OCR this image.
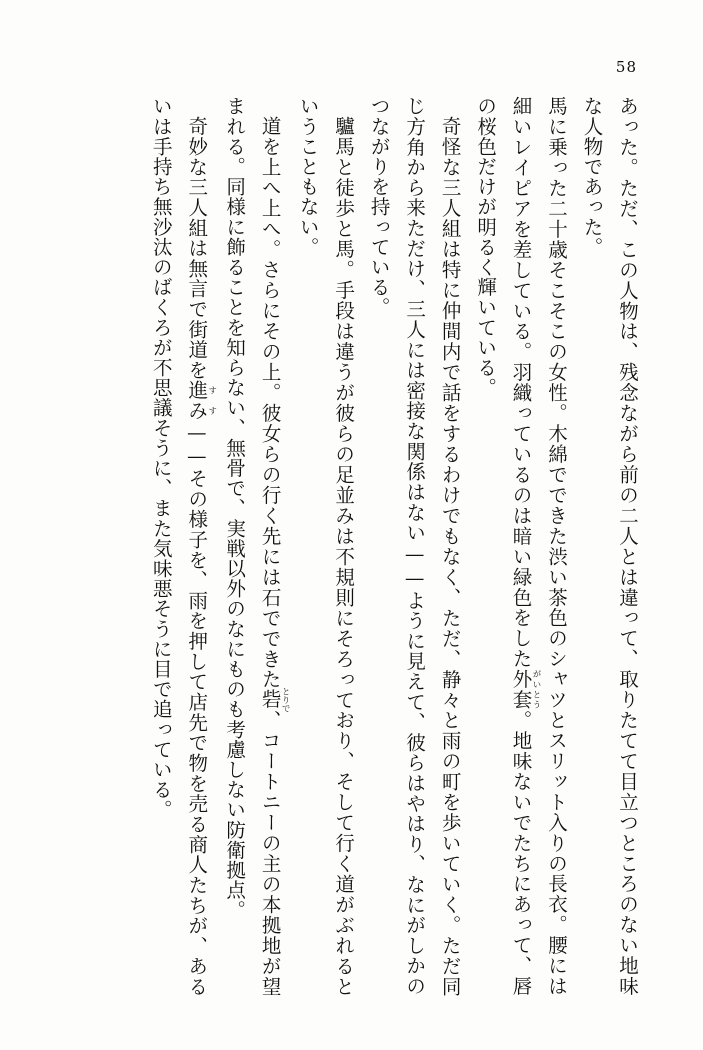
58

あった。ただ、この人物は、残念ながら前の二人とは違って、取りたてて目立つところのない地味な人物であった。

馬に乗った二十歳そこそこの女性。木綿でできた渋い茶色のシャツとスリット入りの長衣。腰には細いレイピアを差している。羽織っているのは暗い緑色をした外套がいとう。地味ないでたちにあって、唇の桜色だけが明るく輝いている。

奇怪な三人組は特に仲間内で話をするわけでもなく、ただ、静々と雨の町を歩いていく。ただ同じ方角から来ただけ、三人には密接な関係はない——ように見えて、彼らはやはり、なにがしかのつながりを持っている。

驢馬と徒歩と馬。手段は違うが彼らの足並みは不規則にそろっており、そして行く道がぶれるということもない。

道を上へ上へ。さらにその上。彼女らの行く先には石でできた砦とりで、コートニーの主の本拠地が望まれる。同様に飾ることを知らない、無骨で、実戦以外のなにものも考慮しない防衛拠点。

奇妙な三人組は無言で街道を進みすす——その様子を、雨を押して店先で物を売る商人たちが、あるいは手持ち無沙汰のばくろが不思議そうに、また気味悪そうに目で追っている。
